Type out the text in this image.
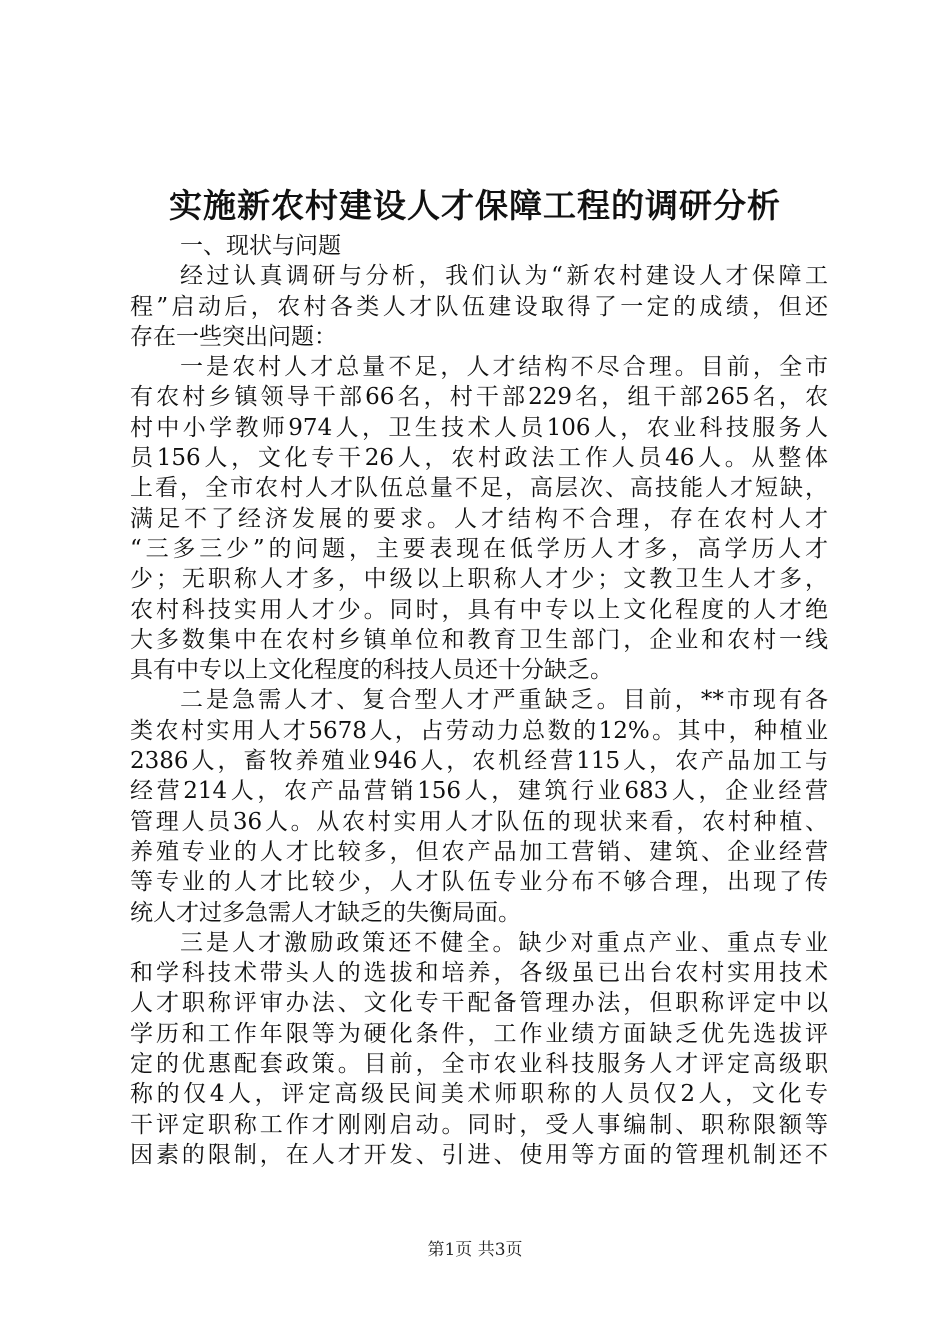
实施新农村建设人才保障工程的调研分析
一、现状与问题
经过认真调研与分析，我们认为“新农村建设人才保障工
程”启动后，农村各类人才队伍建设取得了一定的成绩，但还
存在一些突出问题：
一是农村人才总量不足，人才结构不尽合理。目前，全市
有农村乡镇领导干部66名，村干部229名，组干部265名，农
村中小学教师974人，卫生技术人员106人，农业科技服务人
员156人，文化专干26人，农村政法工作人员46人。从整体
上看，全市农村人才队伍总量不足，高层次、高技能人才短缺，
满足不了经济发展的要求。人才结构不合理，存在农村人才
“三多三少”的问题，主要表现在低学历人才多，高学历人才
少；无职称人才多，中级以上职称人才少；文教卫生人才多，
农村科技实用人才少。同时，具有中专以上文化程度的人才绝
大多数集中在农村乡镇单位和教育卫生部门，企业和农村一线
具有中专以上文化程度的科技人员还十分缺乏。
二是急需人才、复合型人才严重缺乏。目前，**市现有各
类农村实用人才5678人，占劳动力总数的12%。其中，种植业
2386人，畜牧养殖业946人，农机经营115人，农产品加工与
经营214人，农产品营销156人，建筑行业683人，企业经营
管理人员36人。从农村实用人才队伍的现状来看，农村种植、
养殖专业的人才比较多，但农产品加工营销、建筑、企业经营
等专业的人才比较少，人才队伍专业分布不够合理，出现了传
统人才过多急需人才缺乏的失衡局面。
三是人才激励政策还不健全。缺少对重点产业、重点专业
和学科技术带头人的选拔和培养，各级虽已出台农村实用技术
人才职称评审办法、文化专干配备管理办法，但职称评定中以
学历和工作年限等为硬化条件，工作业绩方面缺乏优先选拔评
定的优惠配套政策。目前，全市农业科技服务人才评定高级职
称的仅4人，评定高级民间美术师职称的人员仅2人，文化专
干评定职称工作才刚刚启动。同时，受人事编制、职称限额等
因素的限制，在人才开发、引进、使用等方面的管理机制还不
第1页 共3页
